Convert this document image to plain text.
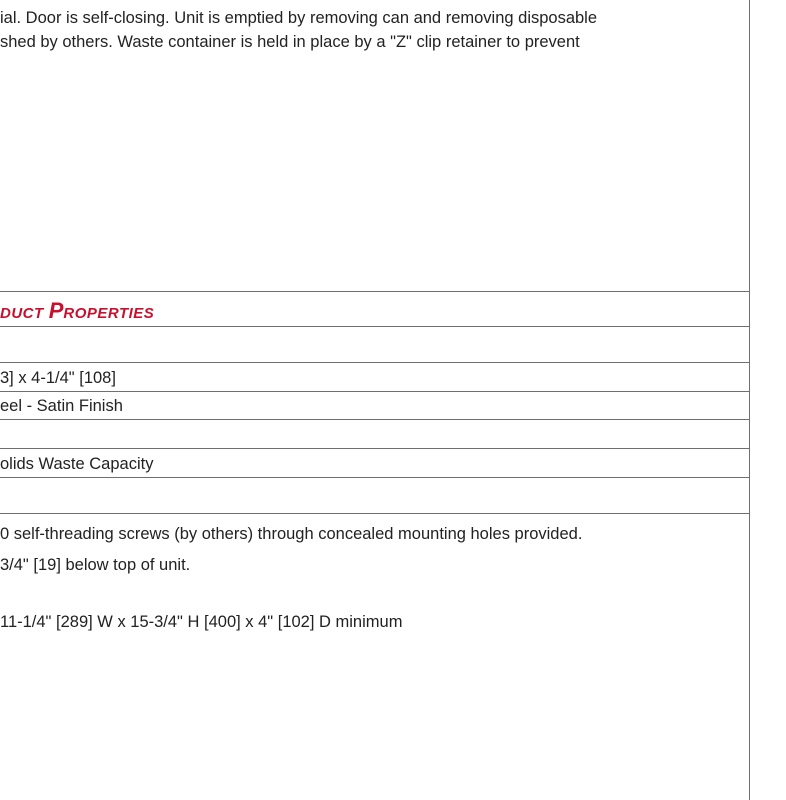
ial. Door is self-closing. Unit is emptied by removing can and removing disposable
shed by others. Waste container is held in place by a "Z" clip retainer to prevent
DUCT PROPERTIES
3] x 4-1/4" [108]
eel - Satin Finish
olids Waste Capacity
0 self-threading screws (by others) through concealed mounting holes provided.
3/4" [19] below top of unit.
11-1/4" [289] W x 15-3/4" H [400] x 4" [102] D minimum
